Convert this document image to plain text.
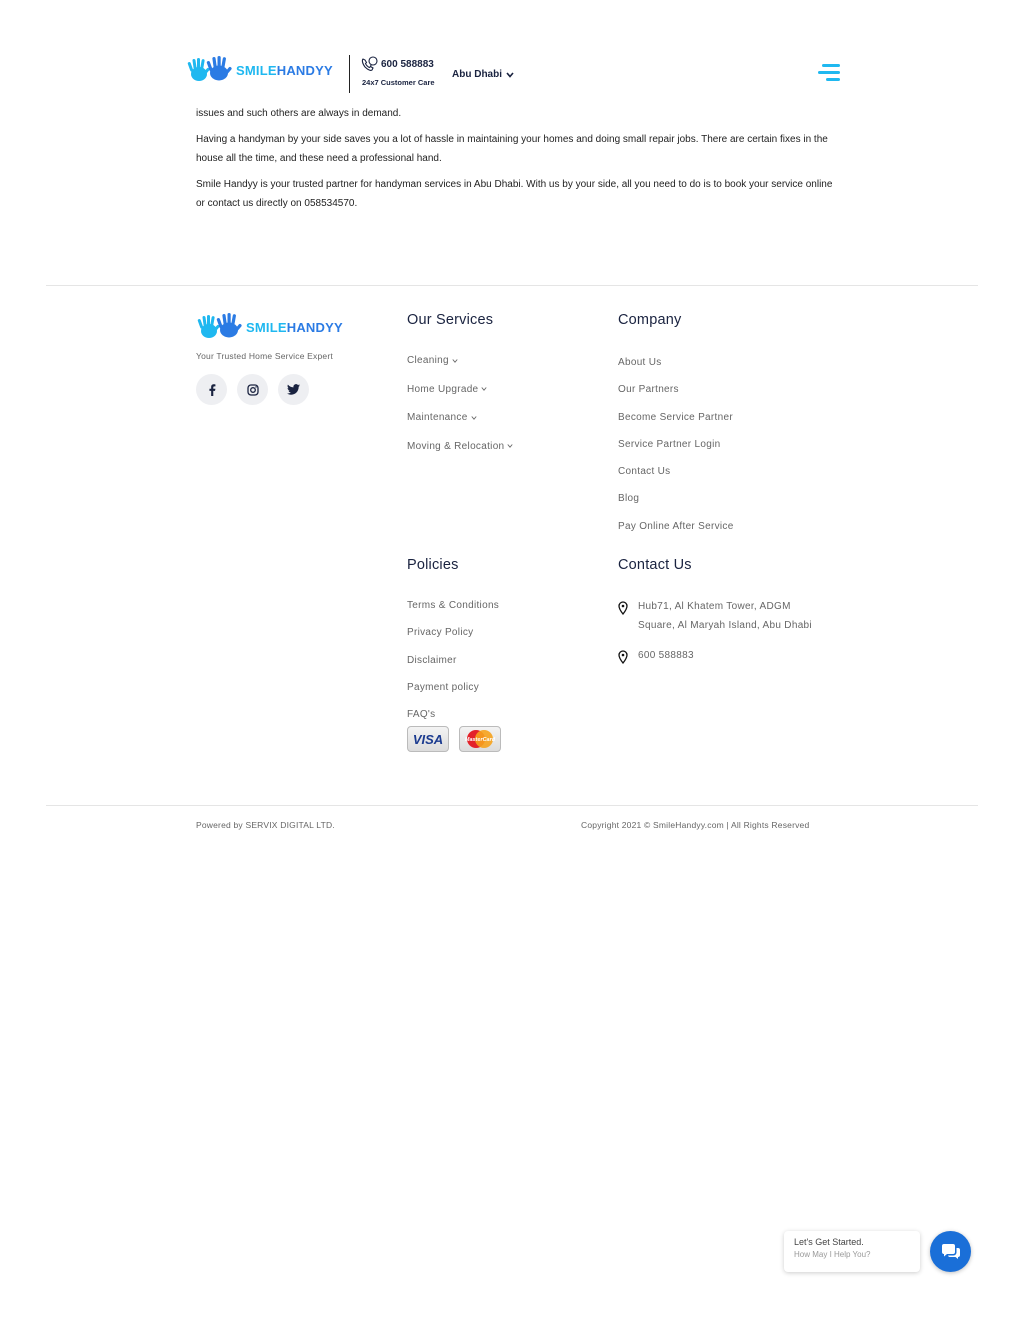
SMILEHANDYY	600 588883
24x7 Customer Care
Abu Dhabi

issues and such others are always in demand.

Having a handyman by your side saves you a lot of hassle in maintaining your homes and doing small repair jobs. There are certain fixes in the house all the time, and these need a professional hand.

Smile Handyy is your trusted partner for handyman services in Abu Dhabi. With us by your side, all you need to do is to book your service online or contact us directly on 058534570.

SMILEHANDYY
Your Trusted Home Service Expert
Our Services
Cleaning
Home Upgrade
Maintenance
Moving & Relocation
Company
About Us
Our Partners
Become Service Partner
Service Partner Login
Contact Us
Blog
Pay Online After Service
Policies
Terms & Conditions
Privacy Policy
Disclaimer
Payment policy
FAQ's
VISA	MasterCard
Contact Us
Hub71, Al Khatem Tower, ADGM
Square, Al Maryah Island, Abu Dhabi
600 588883
Powered by SERVIX DIGITAL LTD.	Copyright 2021 © SmileHandyy.com | All Rights Reserved
Let's Get Started.
How May I Help You?
